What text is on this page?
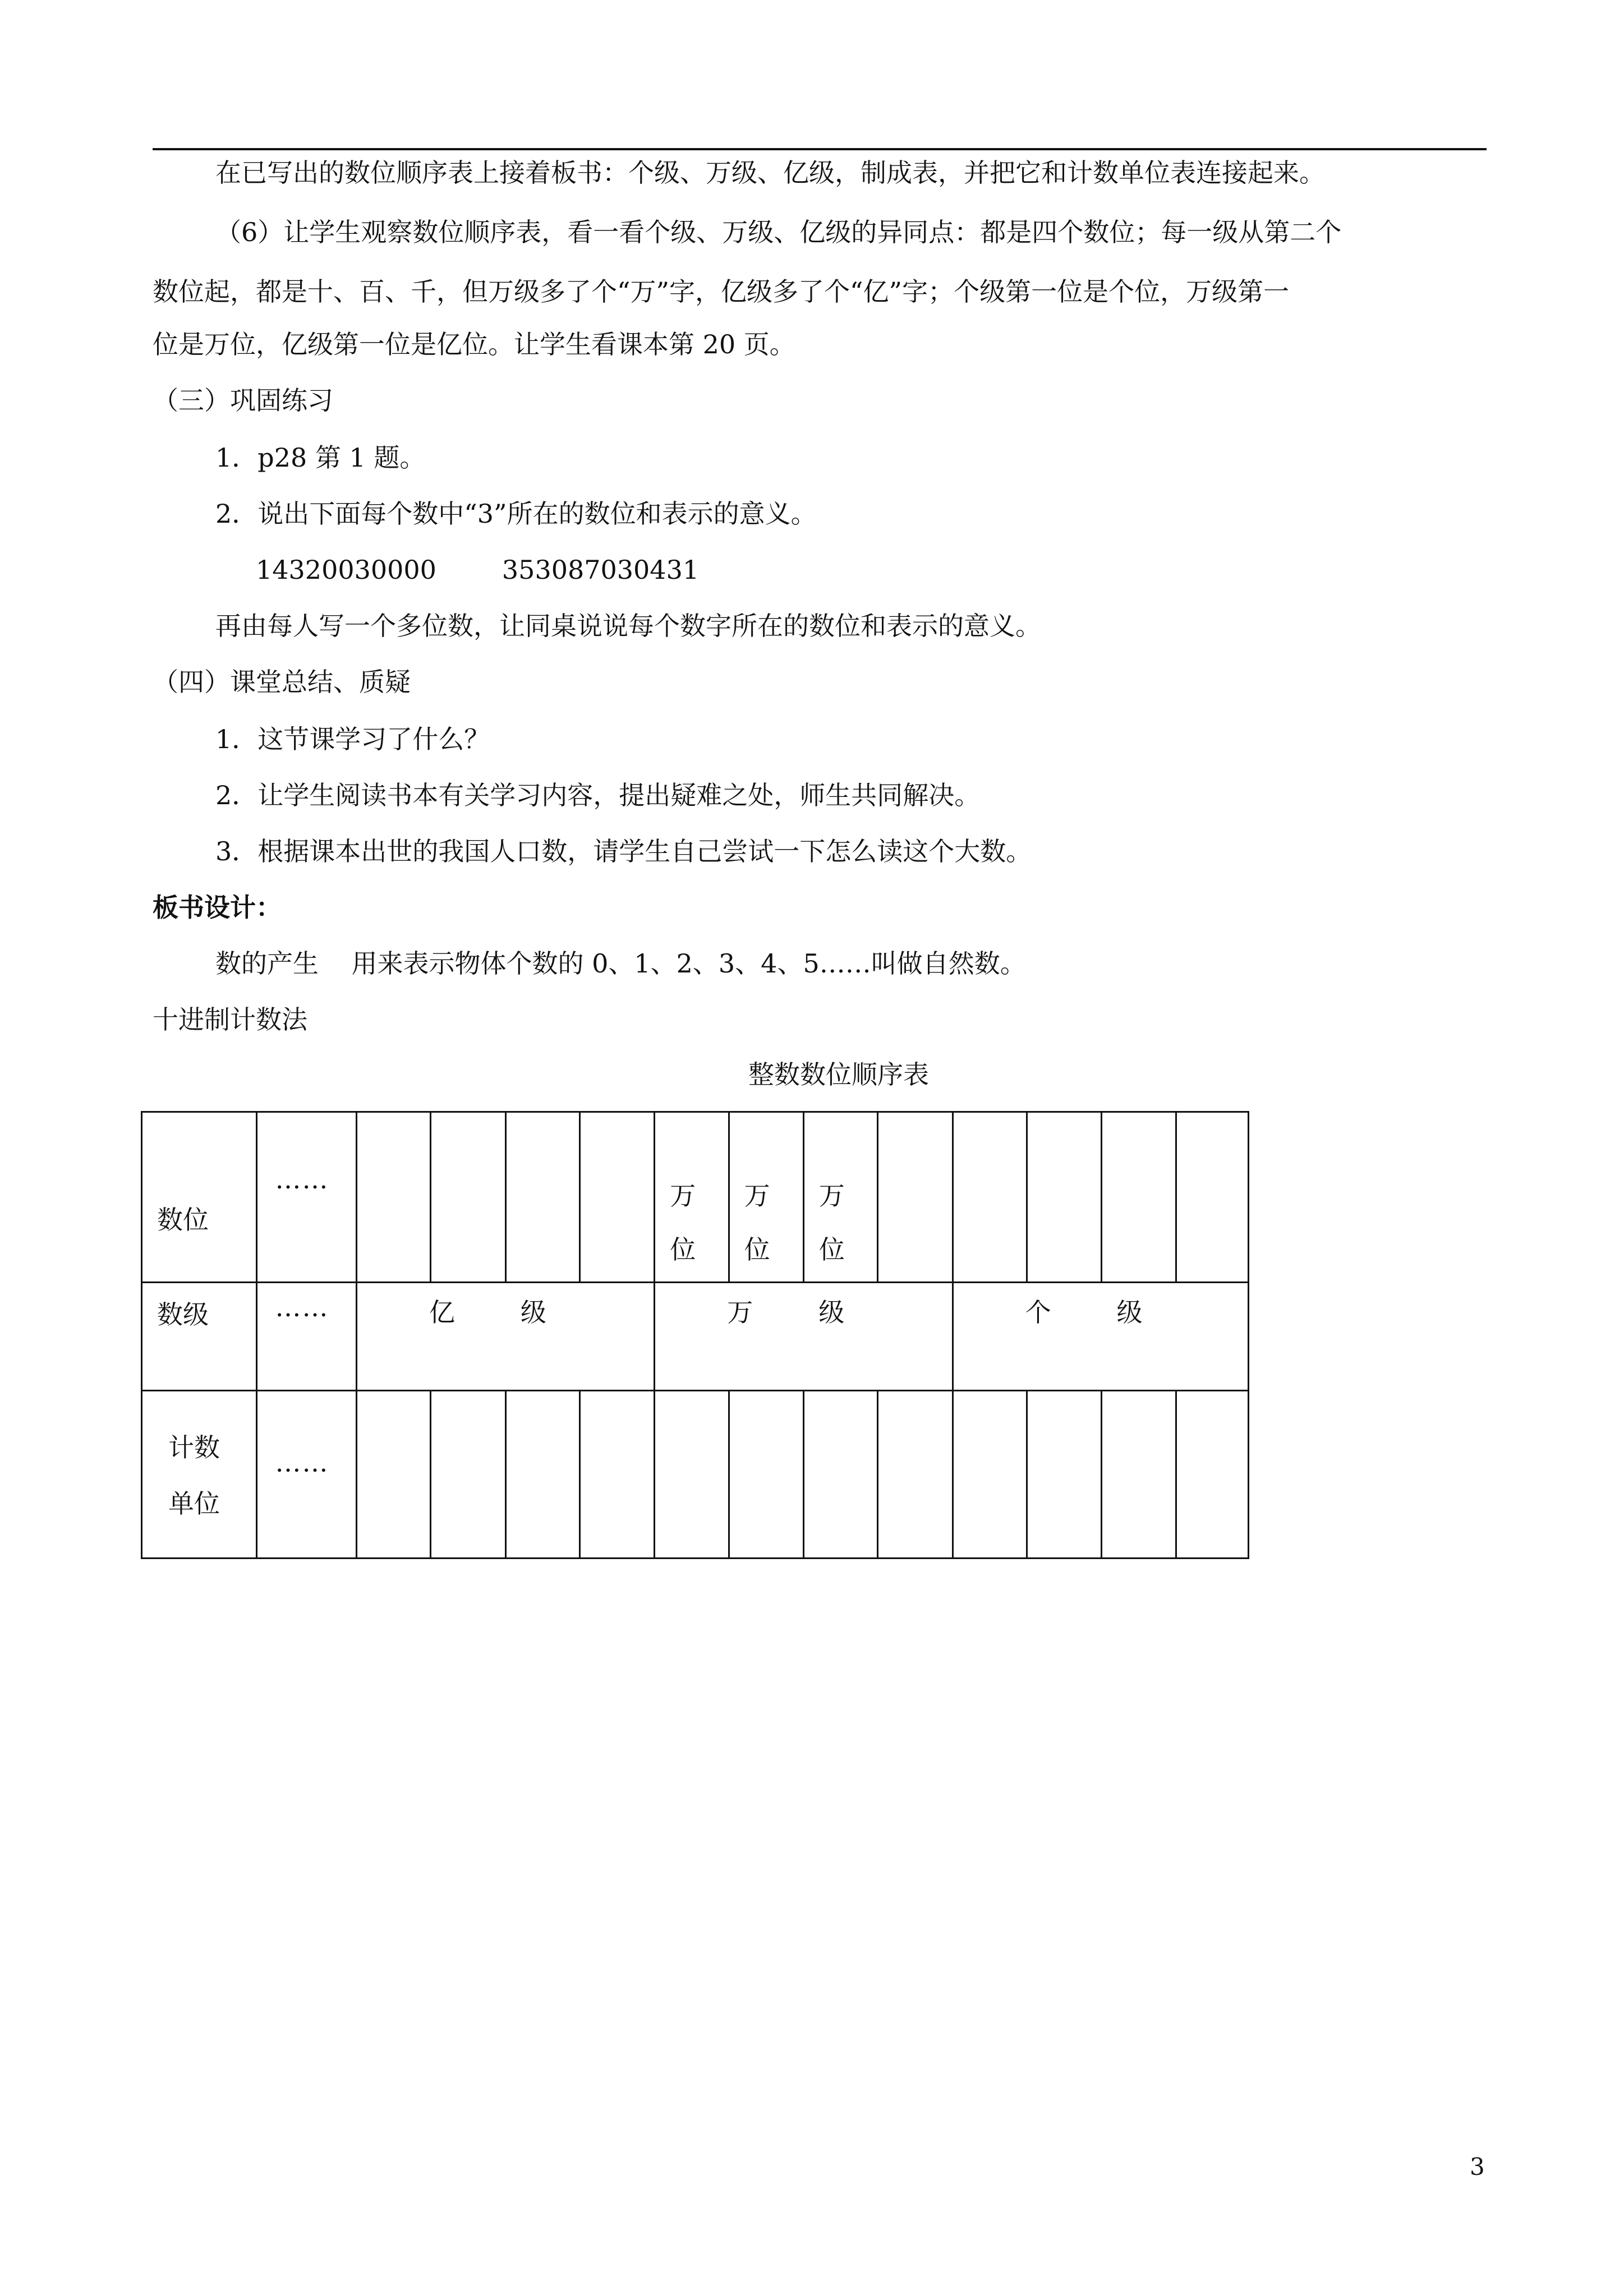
在已写出的数位顺序表上接着板书：个级、万级、亿级，制成表，并把它和计数单位表连接起来。
（6）让学生观察数位顺序表，看一看个级、万级、亿级的异同点：都是四个数位；每一级从第二个
数位起，都是十、百、千，但万级多了个“万”字，亿级多了个“亿”字；个级第一位是个位，万级第一
位是万位，亿级第一位是亿位。让学生看课本第 20 页。
（三）巩固练习
1．p28 第 1 题。
2．说出下面每个数中“3”所在的数位和表示的意义。
14320030000        353087030431
再由每人写一个多位数，让同桌说说每个数字所在的数位和表示的意义。
（四）课堂总结、质疑
1．这节课学习了什么？
2．让学生阅读书本有关学习内容，提出疑难之处，师生共同解决。
3．根据课本出世的我国人口数，请学生自己尝试一下怎么读这个大数。
板书设计：
数的产生    用来表示物体个数的 0、1、2、3、4、5……叫做自然数。
十进制计数法
整数数位顺序表
数位	……					万位	万位	万位					

数级	……	亿        级				万        级				个        级			

计数单位	……												

3
